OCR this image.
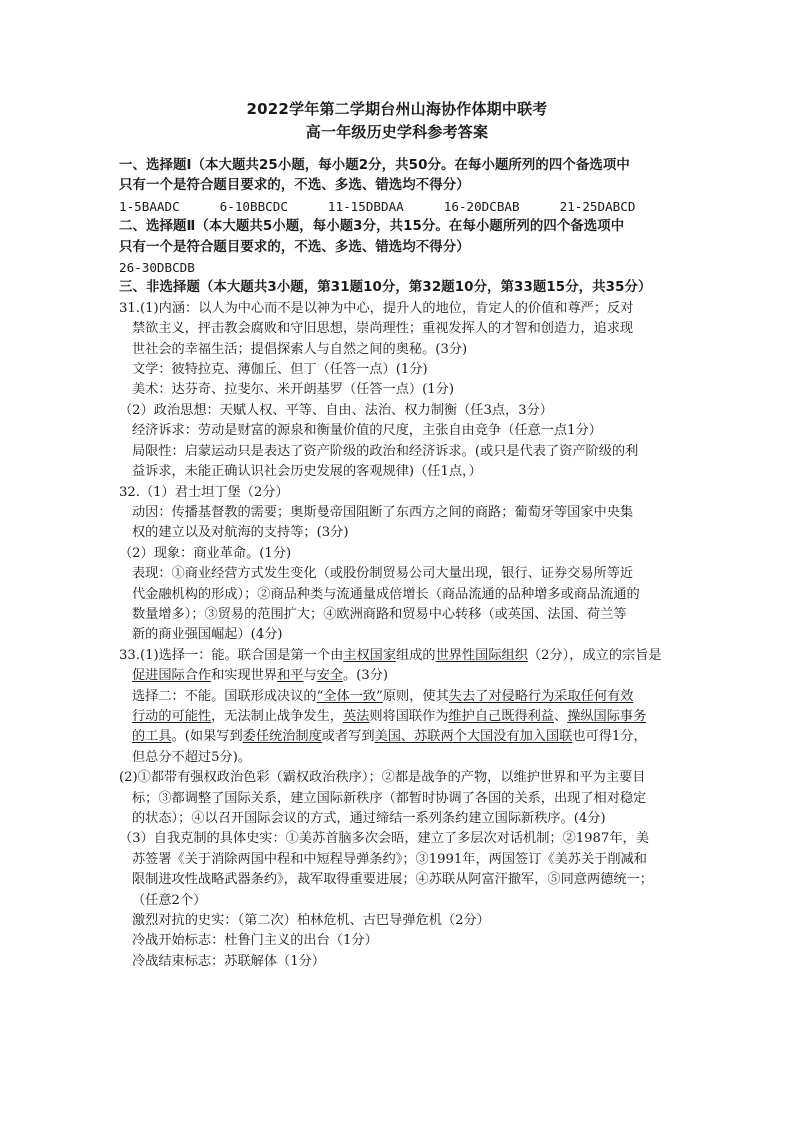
2022学年第二学期台州山海协作体期中联考
高一年级历史学科参考答案

一、选择题Ⅰ（本大题共25小题，每小题2分，共50分。在每小题所列的四个备选项中

只有一个是符合题目要求的，不选、多选、错选均不得分）

1-5BAADC	6-10BBCDC	11-15DBDAA	16-20DCBAB	21-25DABCD

二、选择题Ⅱ（本大题共5小题，每小题3分，共15分。在每小题所列的四个备选项中

只有一个是符合题目要求的，不选、多选、错选均不得分）

26-30DBCDB

三、非选择题（本大题共3小题，第31题10分，第32题10分，第33题15分，共35分）

31.(1)内涵：以人为中心而不是以神为中心，提升人的地位，肯定人的价值和尊严；反对

禁欲主义，抨击教会腐败和守旧思想，崇尚理性；重视发挥人的才智和创造力，追求现

世社会的幸福生活；提倡探索人与自然之间的奥秘。(3分)

文学：彼特拉克、薄伽丘、但丁（任答一点）(1分)

美术：达芬奇、拉斐尔、米开朗基罗（任答一点）(1分)

（2）政治思想：天赋人权、平等、自由、法治、权力制衡（任3点，3分）

经济诉求：劳动是财富的源泉和衡量价值的尺度，主张自由竞争（任意一点1分）

局限性：启蒙运动只是表达了资产阶级的政治和经济诉求。(或只是代表了资产阶级的利

益诉求，未能正确认识社会历史发展的客观规律)（任1点，）

32.（1）君士坦丁堡（2分）

动因：传播基督教的需要；奥斯曼帝国阻断了东西方之间的商路；葡萄牙等国家中央集

权的建立以及对航海的支持等；(3分)

（2）现象：商业革命。(1分)

表现：①商业经营方式发生变化（或股份制贸易公司大量出现，银行、证券交易所等近

代金融机构的形成）；②商品种类与流通量成倍增长（商品流通的品种增多或商品流通的

数量增多）；③贸易的范围扩大；④欧洲商路和贸易中心转移（或英国、法国、荷兰等

新的商业强国崛起）(4分)

33.(1)选择一：能。联合国是第一个由主权国家组成的世界性国际组织（2分），成立的宗旨是

促进国际合作和实现世界和平与安全。(3分)

选择二：不能。国联形成决议的“全体一致”原则，使其失去了对侵略行为采取任何有效

行动的可能性，无法制止战争发生，英法则将国联作为维护自己既得利益、操纵国际事务

的工具。(如果写到委任统治制度或者写到美国、苏联两个大国没有加入国联也可得1分，

但总分不超过5分)。

(2)①都带有强权政治色彩（霸权政治秩序）；②都是战争的产物，以维护世界和平为主要目

标；③都调整了国际关系，建立国际新秩序（都暂时协调了各国的关系，出现了相对稳定

的状态）；④以召开国际会议的方式，通过缔结一系列条约建立国际新秩序。(4分)

（3）自我克制的具体史实：①美苏首脑多次会晤，建立了多层次对话机制；②1987年，美

苏签署《关于消除两国中程和中短程导弹条约》；③1991年，两国签订《美苏关于削减和

限制进攻性战略武器条约》，裁军取得重要进展；④苏联从阿富汗撤军，⑤同意两德统一；

（任意2个）

激烈对抗的史实：（第二次）柏林危机、古巴导弹危机（2分）

冷战开始标志：杜鲁门主义的出台（1分）

冷战结束标志：苏联解体（1分）
